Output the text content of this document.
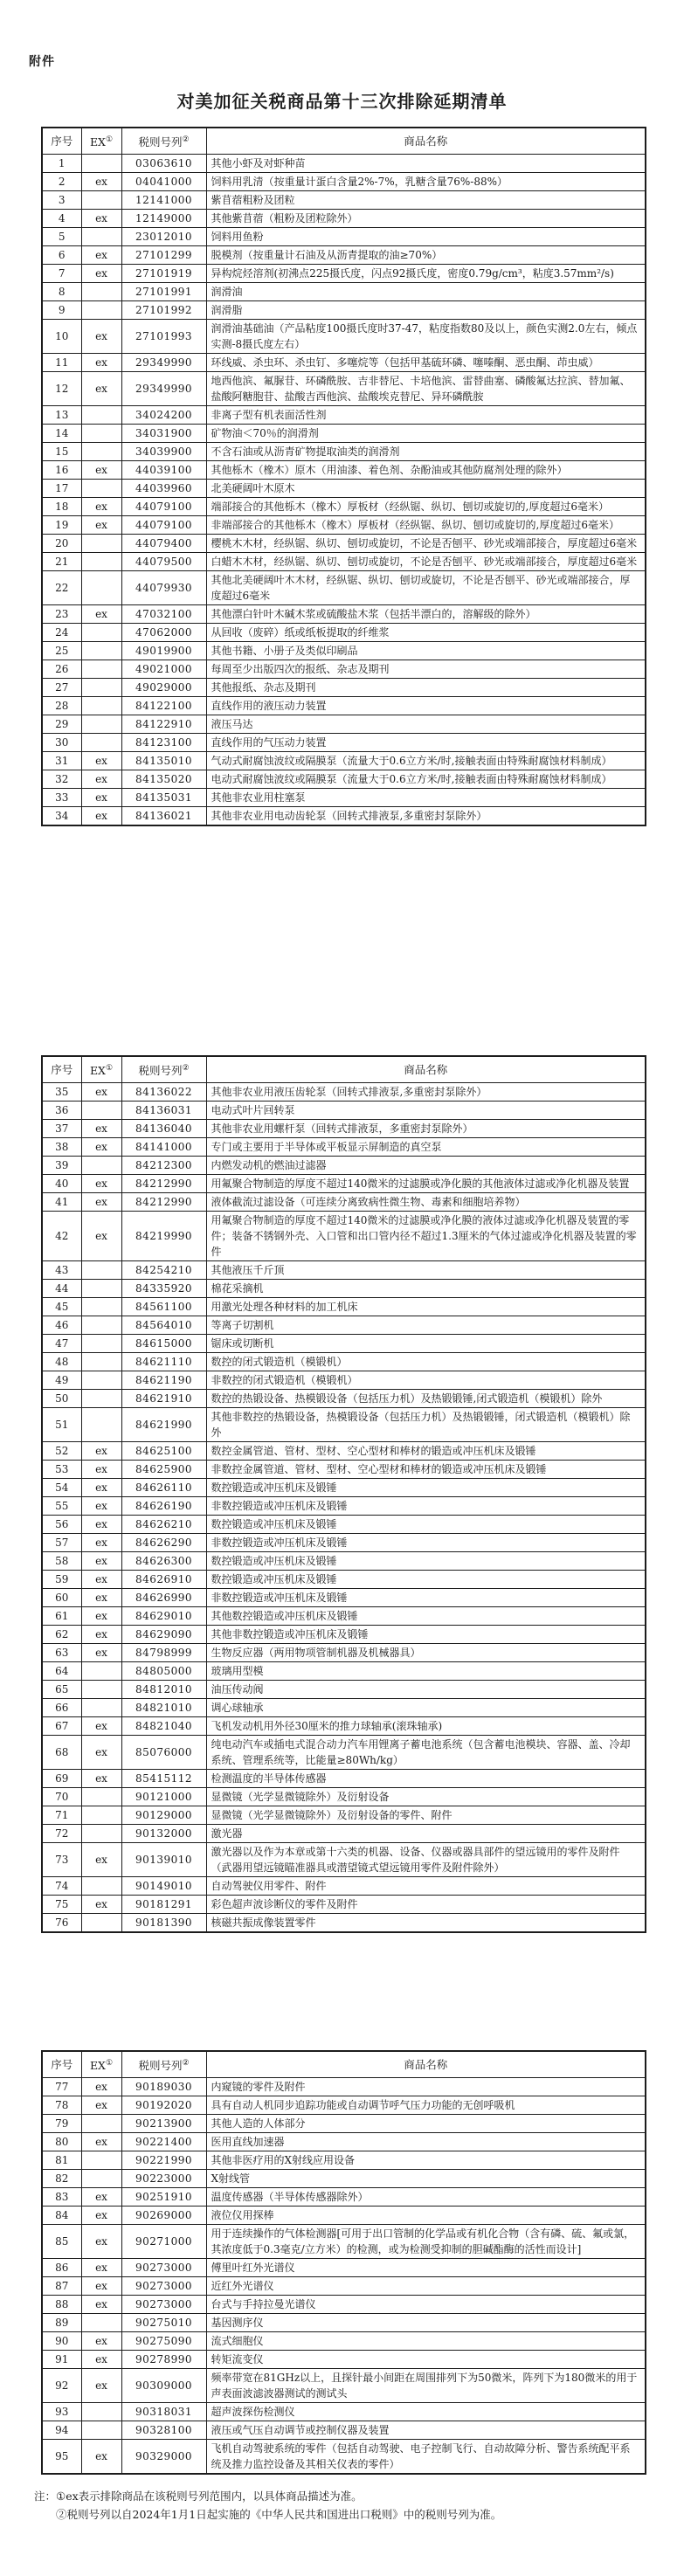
附件
对美加征关税商品第十三次排除延期清单
序号	EX①	税则号列②	商品名称
1		03063610	其他小虾及对虾种苗
2	ex	04041000	饲料用乳清（按重量计蛋白含量2%-7%，乳糖含量76%-88%）
3		12141000	紫苜蓿粗粉及团粒
4	ex	12149000	其他紫苜蓿（粗粉及团粒除外）
5		23012010	饲料用鱼粉
6	ex	27101299	脱模剂（按重量计石油及从沥青提取的油≥70%）
7	ex	27101919	异构烷烃溶剂(初沸点225摄氏度，闪点92摄氏度，密度0.79g/cm³，粘度3.57mm²/s)
8		27101991	润滑油
9		27101992	润滑脂
10	ex	27101993	润滑油基础油（产品粘度100摄氏度时37-47，粘度指数80及以上，颜色实测2.0左右，倾点实测-8摄氏度左右）
11	ex	29349990	环线威、杀虫环、杀虫钉、多噻烷等（包括甲基硫环磷、噻嗪酮、恶虫酮、茚虫威）
12	ex	29349990	地西他滨、氟脲苷、环磷酰胺、吉非替尼、卡培他滨、雷替曲塞、磷酸氟达拉滨、替加氟、盐酸阿糖胞苷、盐酸吉西他滨、盐酸埃克替尼、异环磷酰胺
13		34024200	非离子型有机表面活性剂
14		34031900	矿物油＜70％的润滑剂
15		34039900	不含石油或从沥青矿物提取油类的润滑剂
16	ex	44039100	其他栎木（橡木）原木（用油漆、着色剂、杂酚油或其他防腐剂处理的除外）
17		44039960	北美硬阔叶木原木
18	ex	44079100	端部接合的其他栎木（橡木）厚板材（经纵锯、纵切、刨切或旋切的,厚度超过6毫米）
19	ex	44079100	非端部接合的其他栎木（橡木）厚板材（经纵锯、纵切、刨切或旋切的,厚度超过6毫米）
20		44079400	樱桃木木材，经纵锯、纵切、刨切或旋切，不论是否刨平、砂光或端部接合，厚度超过6毫米
21		44079500	白蜡木木材，经纵锯、纵切、刨切或旋切，不论是否刨平、砂光或端部接合，厚度超过6毫米
22		44079930	其他北美硬阔叶木木材，经纵锯、纵切、刨切或旋切，不论是否刨平、砂光或端部接合，厚度超过6毫米
23	ex	47032100	其他漂白针叶木碱木浆或硫酸盐木浆（包括半漂白的，溶解级的除外）
24		47062000	从回收（废碎）纸或纸板提取的纤维浆
25		49019900	其他书籍、小册子及类似印刷品
26		49021000	每周至少出版四次的报纸、杂志及期刊
27		49029000	其他报纸、杂志及期刊
28		84122100	直线作用的液压动力装置
29		84122910	液压马达
30		84123100	直线作用的气压动力装置
31	ex	84135010	气动式耐腐蚀波纹或隔膜泵（流量大于0.6立方米/时,接触表面由特殊耐腐蚀材料制成）
32	ex	84135020	电动式耐腐蚀波纹或隔膜泵（流量大于0.6立方米/时,接触表面由特殊耐腐蚀材料制成）
33	ex	84135031	其他非农业用柱塞泵
34	ex	84136021	其他非农业用电动齿轮泵（回转式排液泵,多重密封泵除外）
序号	EX①	税则号列②	商品名称
35	ex	84136022	其他非农业用液压齿轮泵（回转式排液泵,多重密封泵除外）
36		84136031	电动式叶片回转泵
37	ex	84136040	其他非农业用螺杆泵（回转式排液泵，多重密封泵除外）
38	ex	84141000	专门或主要用于半导体或平板显示屏制造的真空泵
39		84212300	内燃发动机的燃油过滤器
40	ex	84212990	用氟聚合物制造的厚度不超过140微米的过滤膜或净化膜的其他液体过滤或净化机器及装置
41	ex	84212990	液体截流过滤设备（可连续分离致病性微生物、毒素和细胞培养物）
42	ex	84219990	用氟聚合物制造的厚度不超过140微米的过滤膜或净化膜的液体过滤或净化机器及装置的零件；装备不锈钢外壳、入口管和出口管内径不超过1.3厘米的气体过滤或净化机器及装置的零件
43		84254210	其他液压千斤顶
44		84335920	棉花采摘机
45		84561100	用激光处理各种材料的加工机床
46		84564010	等离子切割机
47		84615000	锯床或切断机
48		84621110	数控的闭式锻造机（模锻机）
49		84621190	非数控的闭式锻造机（模锻机）
50		84621910	数控的热锻设备、热模锻设备（包括压力机）及热锻锻锤,闭式锻造机（模锻机）除外
51		84621990	其他非数控的热锻设备，热模锻设备（包括压力机）及热锻锻锤，闭式锻造机（模锻机）除外
52	ex	84625100	数控金属管道、管材、型材、空心型材和棒材的锻造或冲压机床及锻锤
53	ex	84625900	非数控金属管道、管材、型材、空心型材和棒材的锻造或冲压机床及锻锤
54	ex	84626110	数控锻造或冲压机床及锻锤
55	ex	84626190	非数控锻造或冲压机床及锻锤
56	ex	84626210	数控锻造或冲压机床及锻锤
57	ex	84626290	非数控锻造或冲压机床及锻锤
58	ex	84626300	数控锻造或冲压机床及锻锤
59	ex	84626910	数控锻造或冲压机床及锻锤
60	ex	84626990	非数控锻造或冲压机床及锻锤
61	ex	84629010	其他数控锻造或冲压机床及锻锤
62	ex	84629090	其他非数控锻造或冲压机床及锻锤
63	ex	84798999	生物反应器（两用物项管制机器及机械器具）
64		84805000	玻璃用型模
65		84812010	油压传动阀
66		84821010	调心球轴承
67	ex	84821040	飞机发动机用外径30厘米的推力球轴承(滚珠轴承)
68	ex	85076000	纯电动汽车或插电式混合动力汽车用锂离子蓄电池系统（包含蓄电池模块、容器、盖、冷却系统、管理系统等，比能量≥80Wh/kg）
69	ex	85415112	检测温度的半导体传感器
70		90121000	显微镜（光学显微镜除外）及衍射设备
71		90129000	显微镜（光学显微镜除外）及衍射设备的零件、附件
72		90132000	激光器
73	ex	90139010	激光器以及作为本章或第十六类的机器、设备、仪器或器具部件的望远镜用的零件及附件（武器用望远镜瞄准器具或潜望镜式望远镜用零件及附件除外）
74		90149010	自动驾驶仪用零件、附件
75	ex	90181291	彩色超声波诊断仪的零件及附件
76		90181390	核磁共振成像装置零件
序号	EX①	税则号列②	商品名称
77	ex	90189030	内窥镜的零件及附件
78	ex	90192020	具有自动人机同步追踪功能或自动调节呼气压力功能的无创呼吸机
79		90213900	其他人造的人体部分
80	ex	90221400	医用直线加速器
81		90221990	其他非医疗用的X射线应用设备
82		90223000	X射线管
83	ex	90251910	温度传感器（半导体传感器除外）
84	ex	90269000	液位仪用探棒
85	ex	90271000	用于连续操作的气体检测器[可用于出口管制的化学品或有机化合物（含有磷、硫、氟或氯，其浓度低于0.3毫克/立方米）的检测，或为检测受抑制的胆碱酯酶的活性而设计]
86	ex	90273000	傅里叶红外光谱仪
87	ex	90273000	近红外光谱仪
88	ex	90273000	台式与手持拉曼光谱仪
89		90275010	基因测序仪
90	ex	90275090	流式细胞仪
91	ex	90278990	转矩流变仪
92	ex	90309000	频率带宽在81GHz以上，且探针最小间距在周围排列下为50微米，阵列下为180微米的用于声表面波滤波器测试的测试头
93		90318031	超声波探伤检测仪
94		90328100	液压或气压自动调节或控制仪器及装置
95	ex	90329000	飞机自动驾驶系统的零件（包括自动驾驶、电子控制飞行、自动故障分析、警告系统配平系统及推力监控设备及其相关仪表的零件）
注： ①ex表示排除商品在该税则号列范围内，以具体商品描述为准。
②税则号列以自2024年1月1日起实施的《中华人民共和国进出口税则》中的税则号列为准。
